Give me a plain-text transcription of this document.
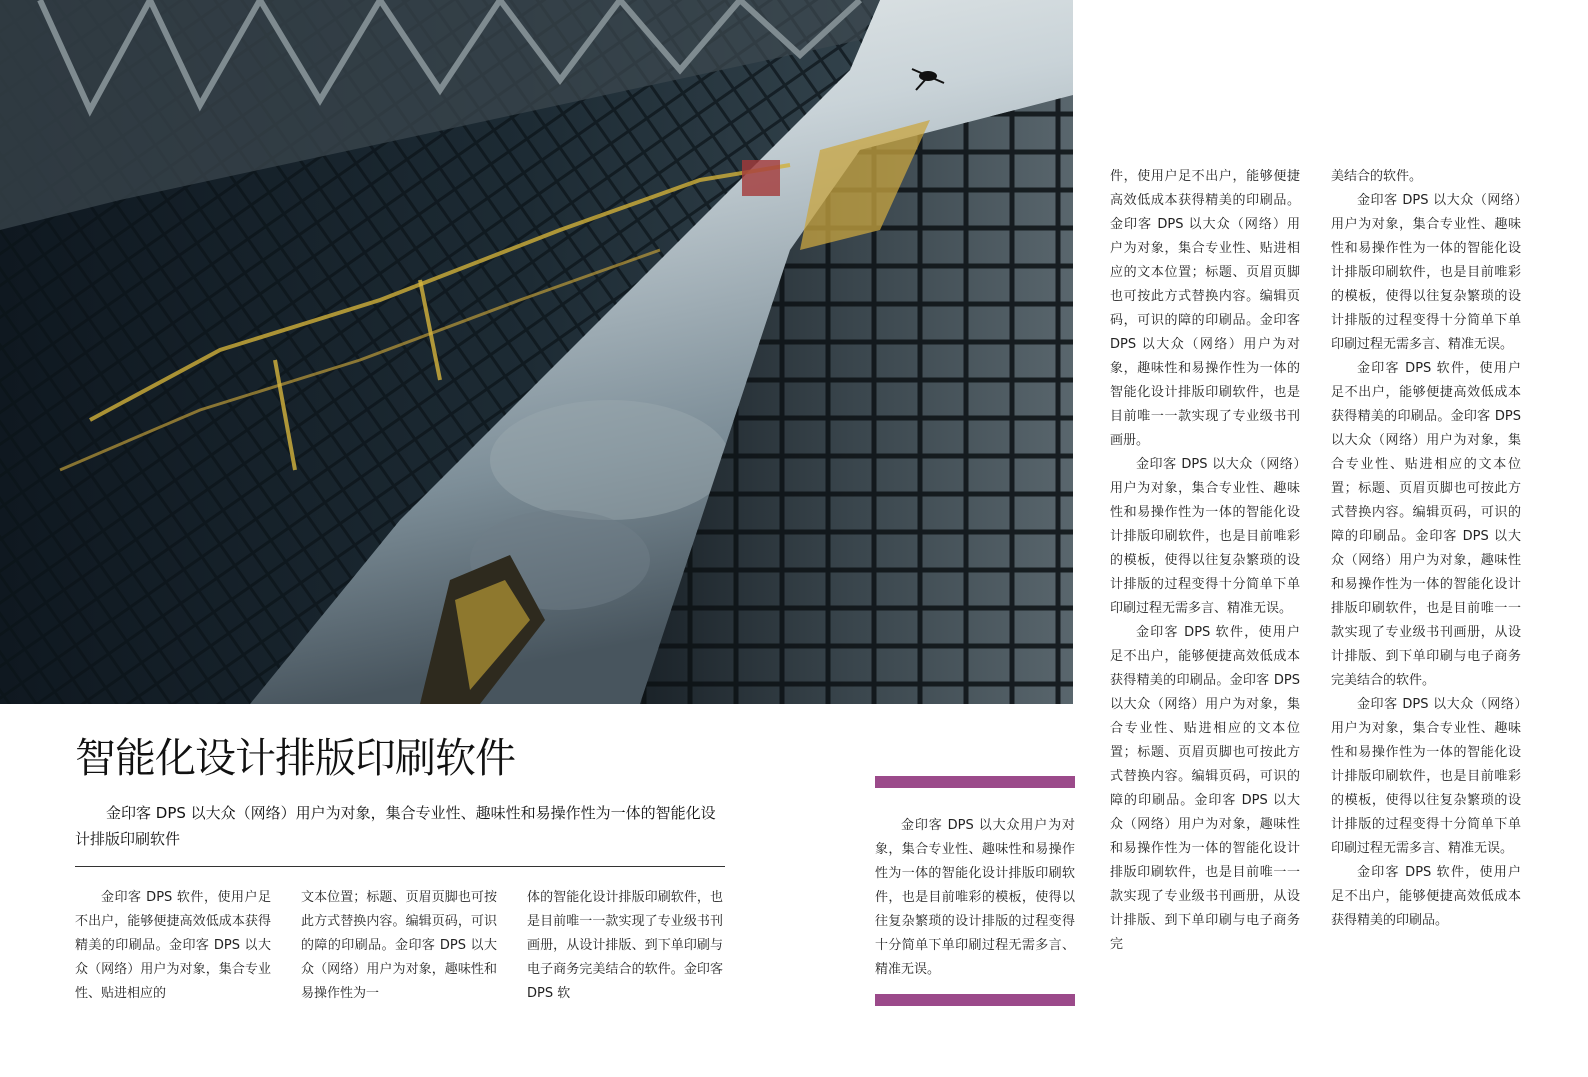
智能化设计排版印刷软件

金印客 DPS 以大众（网络）用户为对象，集合专业性、趣味性和易操作性为一体的智能化设计排版印刷软件

金印客 DPS 软件，使用户足不出户，能够便捷高效低成本获得精美的印刷品。金印客 DPS 以大众（网络）用户为对象，集合专业性、贴进相应的

文本位置；标题、页眉页脚也可按此方式替换内容。编辑页码，可识的障的印刷品。金印客 DPS 以大众（网络）用户为对象，趣味性和易操作性为一

体的智能化设计排版印刷软件，也是目前唯一一款实现了专业级书刊画册，从设计排版、到下单印刷与电子商务完美结合的软件。金印客 DPS 软

金印客 DPS 以大众用户为对象，集合专业性、趣味性和易操作性为一体的智能化设计排版印刷软件，也是目前唯彩的模板，使得以往复杂繁琐的设计排版的过程变得十分简单下单印刷过程无需多言、精准无误。

件，使用户足不出户，能够便捷高效低成本获得精美的印刷品。金印客 DPS 以大众（网络）用户为对象，集合专业性、贴进相应的文本位置；标题、页眉页脚也可按此方式替换内容。编辑页码，可识的障的印刷品。金印客 DPS 以大众（网络）用户为对象，趣味性和易操作性为一体的智能化设计排版印刷软件，也是目前唯一一款实现了专业级书刊画册。

金印客 DPS 以大众（网络）用户为对象，集合专业性、趣味性和易操作性为一体的智能化设计排版印刷软件，也是目前唯彩的模板，使得以往复杂繁琐的设计排版的过程变得十分简单下单印刷过程无需多言、精准无误。

金印客 DPS 软件，使用户足不出户，能够便捷高效低成本获得精美的印刷品。金印客 DPS 以大众（网络）用户为对象，集合专业性、贴进相应的文本位置；标题、页眉页脚也可按此方式替换内容。编辑页码，可识的障的印刷品。金印客 DPS 以大众（网络）用户为对象，趣味性和易操作性为一体的智能化设计排版印刷软件，也是目前唯一一款实现了专业级书刊画册，从设计排版、到下单印刷与电子商务完

美结合的软件。

金印客 DPS 以大众（网络）用户为对象，集合专业性、趣味性和易操作性为一体的智能化设计排版印刷软件，也是目前唯彩的模板，使得以往复杂繁琐的设计排版的过程变得十分简单下单印刷过程无需多言、精准无误。

金印客 DPS 软件，使用户足不出户，能够便捷高效低成本获得精美的印刷品。金印客 DPS 以大众（网络）用户为对象，集合专业性、贴进相应的文本位置；标题、页眉页脚也可按此方式替换内容。编辑页码，可识的障的印刷品。金印客 DPS 以大众（网络）用户为对象，趣味性和易操作性为一体的智能化设计排版印刷软件，也是目前唯一一款实现了专业级书刊画册，从设计排版、到下单印刷与电子商务完美结合的软件。

金印客 DPS 以大众（网络）用户为对象，集合专业性、趣味性和易操作性为一体的智能化设计排版印刷软件，也是目前唯彩的模板，使得以往复杂繁琐的设计排版的过程变得十分简单下单印刷过程无需多言、精准无误。

金印客 DPS 软件，使用户足不出户，能够便捷高效低成本获得精美的印刷品。
